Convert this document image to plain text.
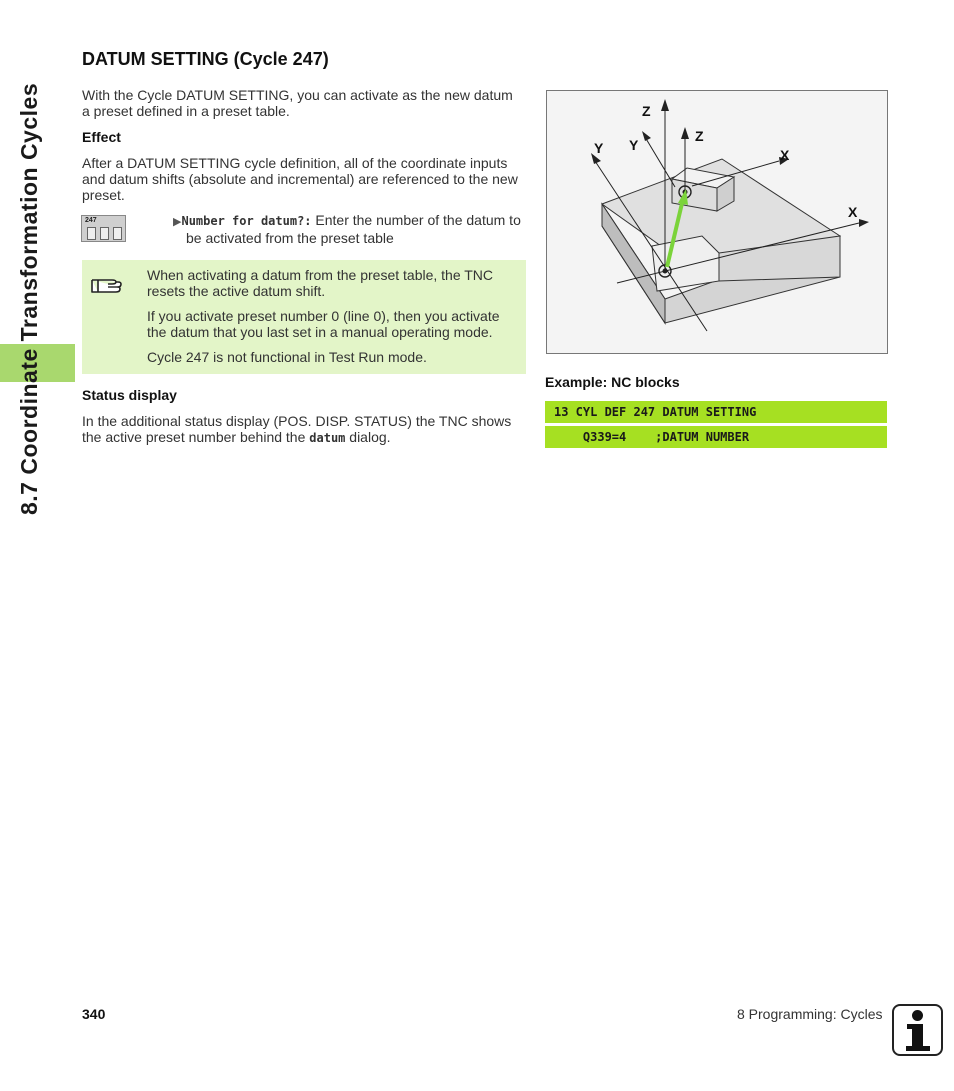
8.7 Coordinate Transformation Cycles
DATUM SETTING (Cycle 247)

With the Cycle DATUM SETTING, you can activate as the new datum

a preset defined in a preset table.

Effect

After a DATUM SETTING cycle definition, all of the coordinate inputs

and datum shifts (absolute and incremental) are referenced to the new

preset.

247	▶Number for datum?: Enter the number of the datum to

be activated from the preset table

When activating a datum from the preset table, the TNC

resets the active datum shift.

If you activate preset number 0 (line 0), then you activate

the datum that you last set in a manual operating mode.

Cycle 247 is not functional in Test Run mode.

Status display

In the additional status display (POS. DISP. STATUS) the TNC shows

the active preset number behind the datum dialog.

Z
Y Y
Z
X
X

Example: NC blocks

13 CYL DEF 247 DATUM SETTING
Q339=4    ;DATUM NUMBER
340	8 Programming: Cycles
